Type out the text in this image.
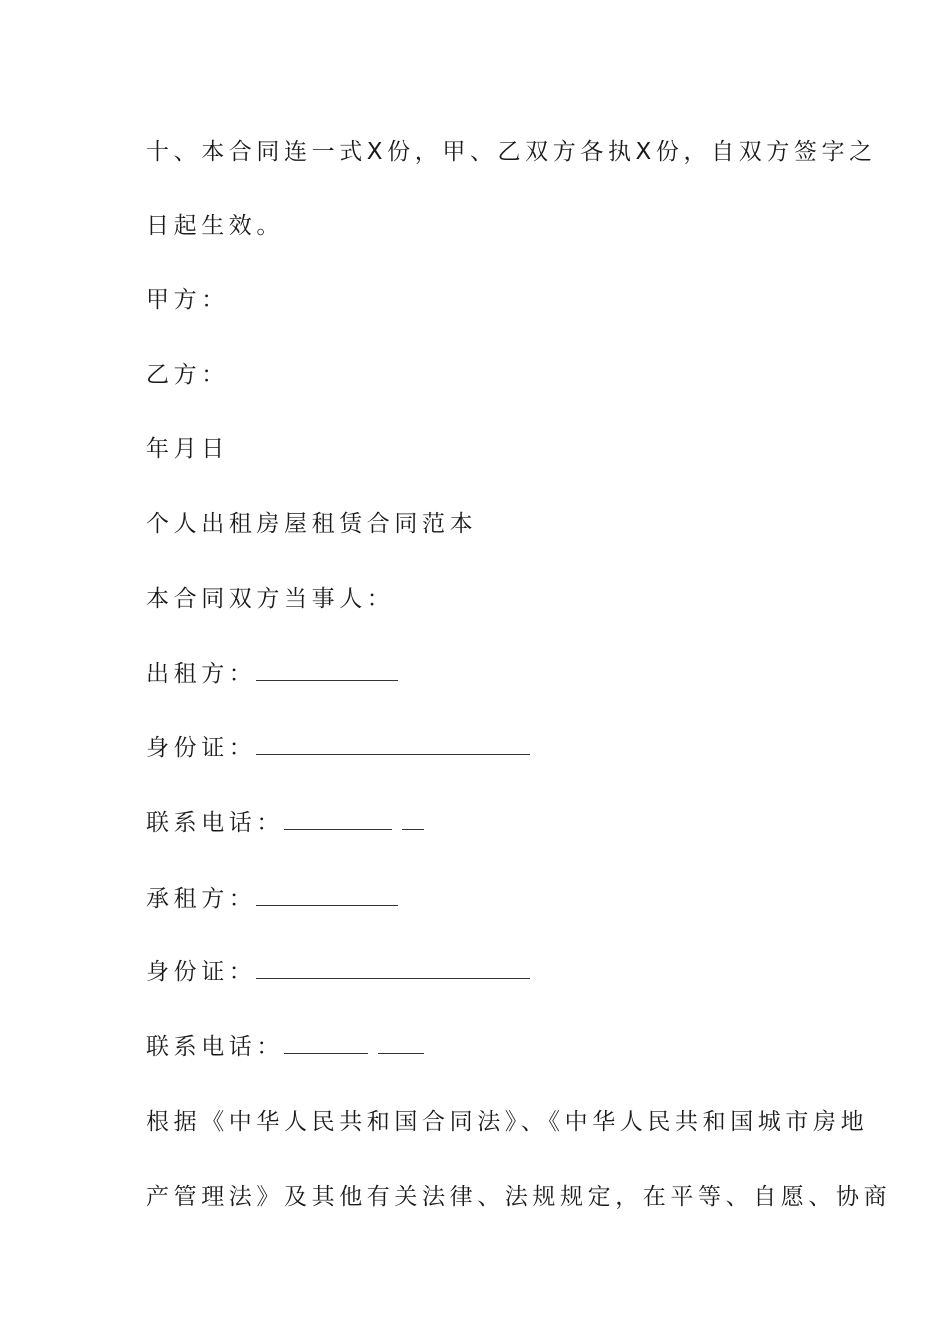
十、本合同连一式X份，甲、乙双方各执X份，自双方签字之
日起生效。
甲方：
乙方：
年月日
个人出租房屋租赁合同范本
本合同双方当事人：
出租方：
身份证：
联系电话：
承租方：
身份证：
联系电话：
根据《中华人民共和国合同法》、《中华人民共和国城市房地
产管理法》及其他有关法律、法规规定，在平等、自愿、协商
